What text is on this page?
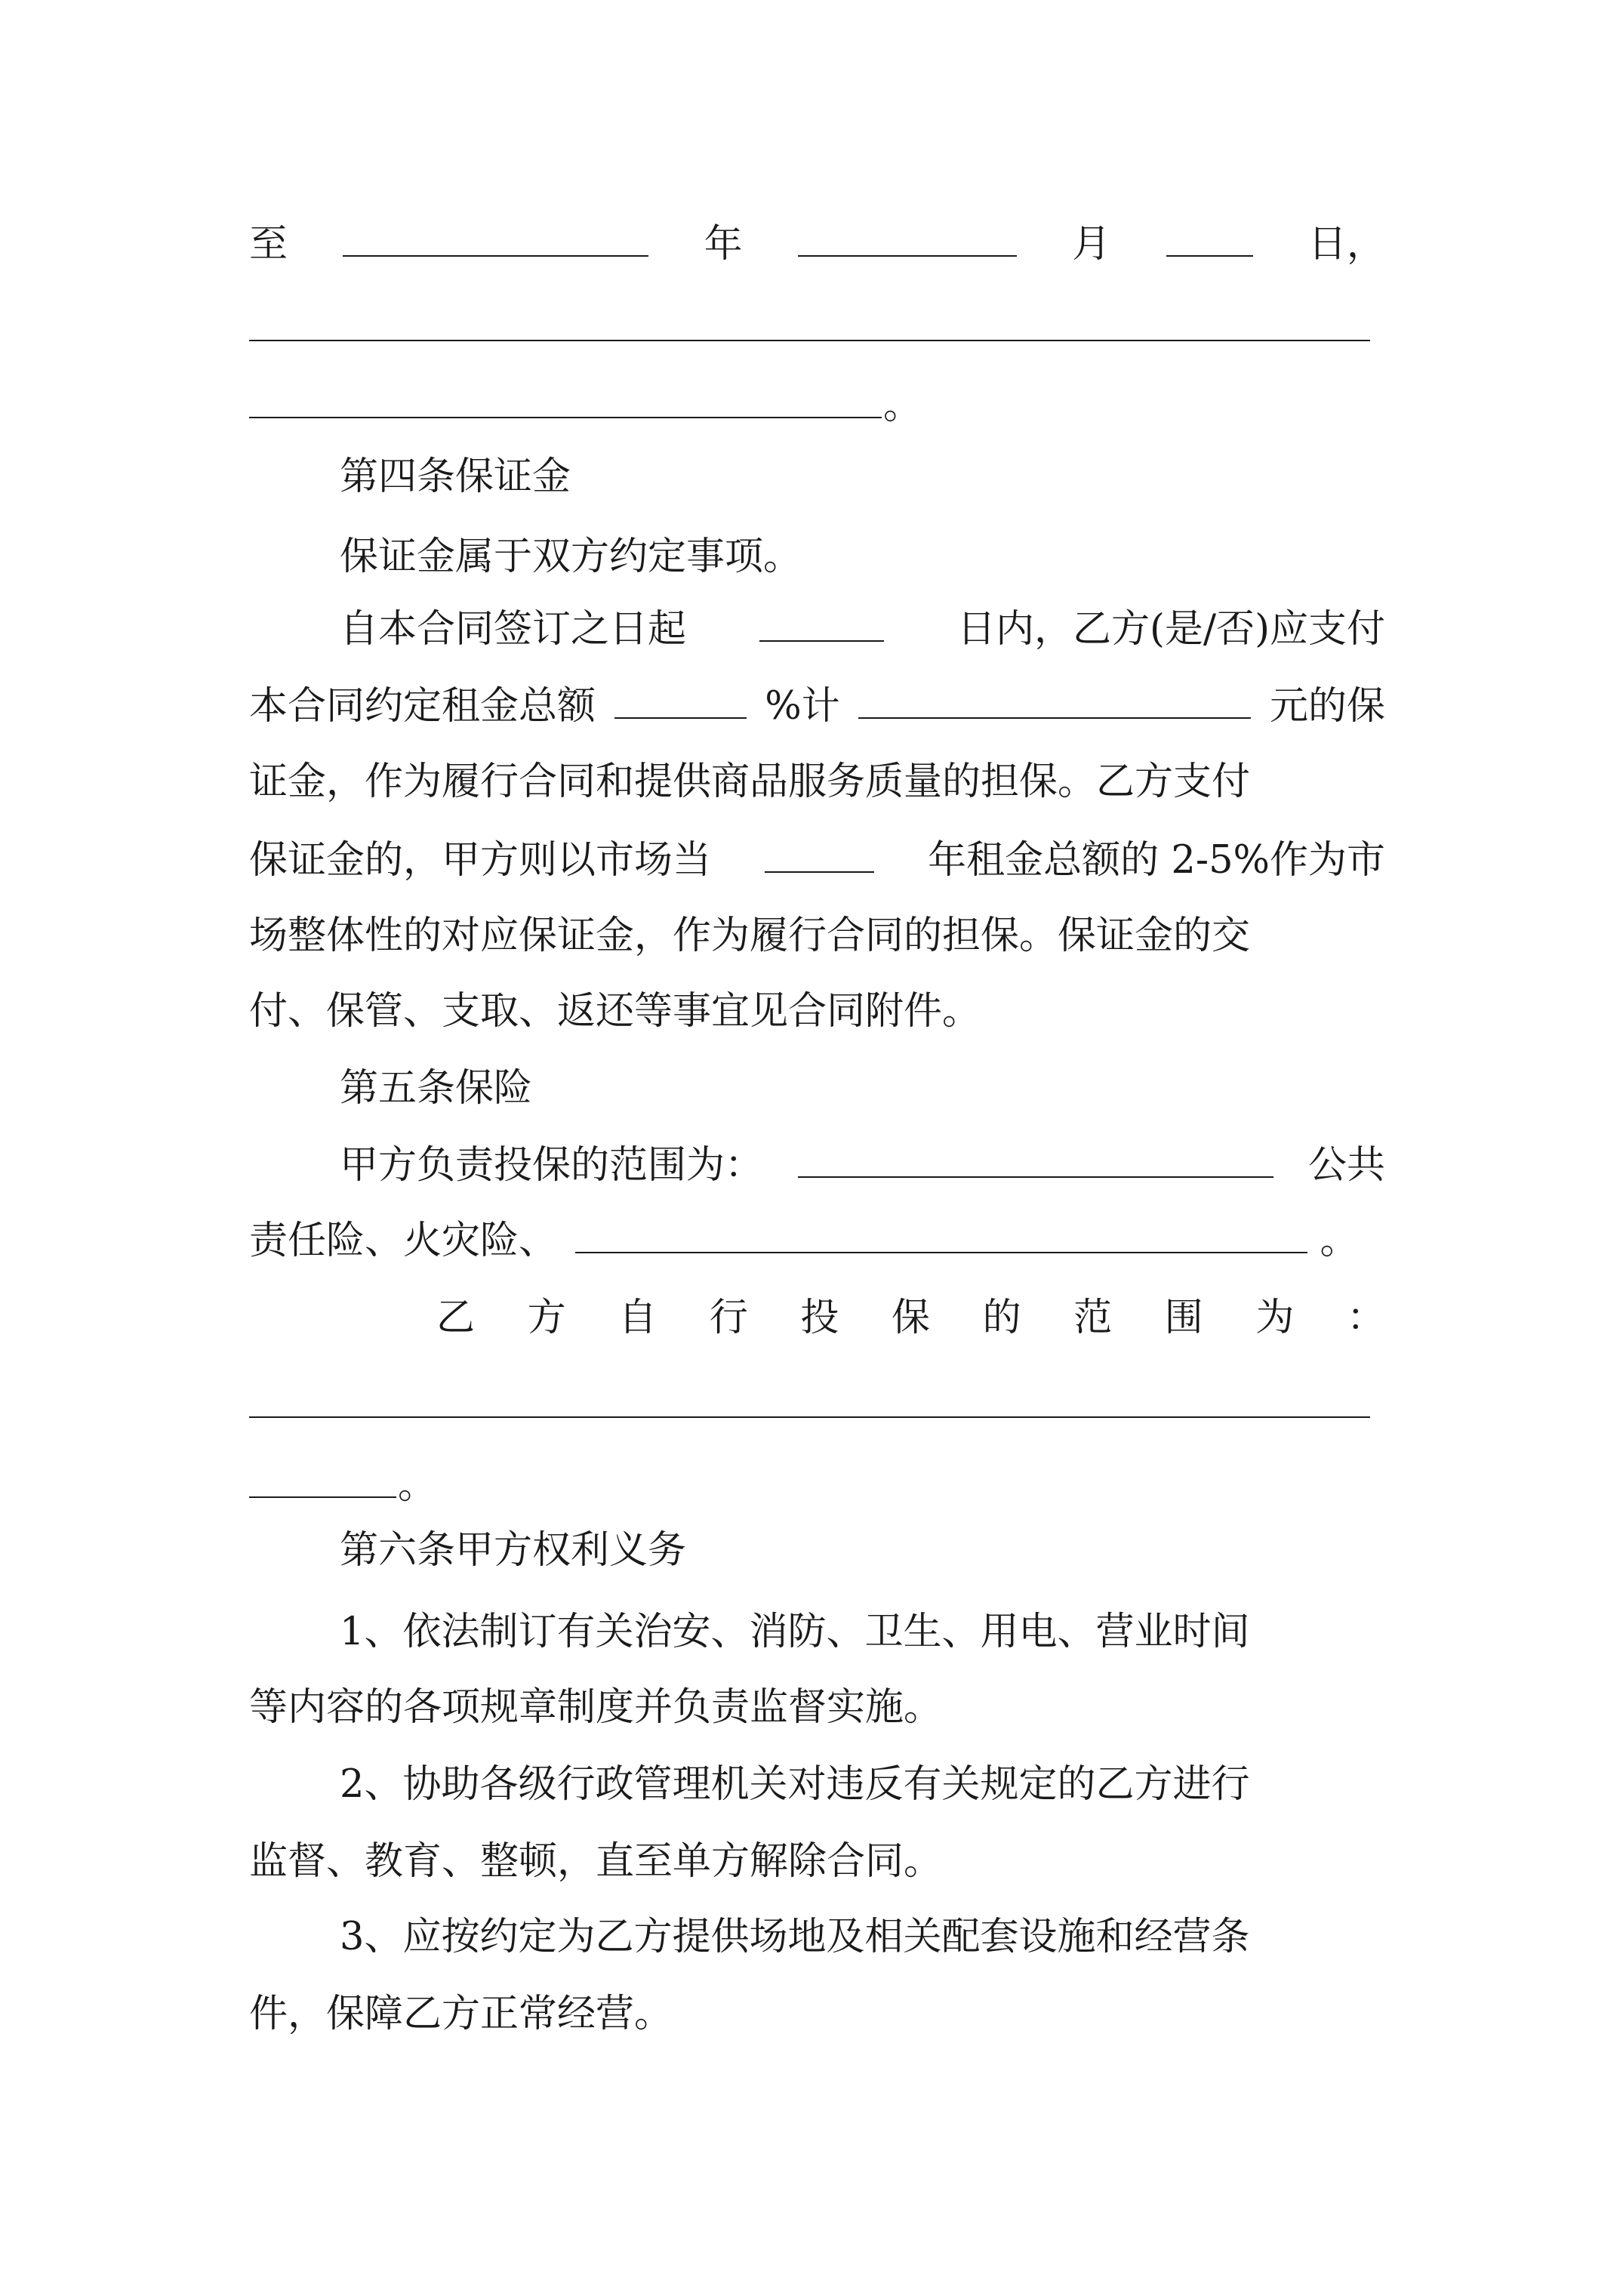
至	年	月	日，
。
第四条保证金
保证金属于双方约定事项。
自本合同签订之日起	日内，乙方(是/否)应支付
本合同约定租金总额	%计	元的保
证金，作为履行合同和提供商品服务质量的担保。乙方支付
保证金的，甲方则以市场当	年租金总额的 2-5%作为市
场整体性的对应保证金，作为履行合同的担保。保证金的交
付、保管、支取、返还等事宜见合同附件。
第五条保险
甲方负责投保的范围为：	公共
责任险、火灾险、	。
乙 方 自 行 投 保 的 范 围 为 ：
。
第六条甲方权利义务
1、依法制订有关治安、消防、卫生、用电、营业时间
等内容的各项规章制度并负责监督实施。
2、协助各级行政管理机关对违反有关规定的乙方进行
监督、教育、整顿，直至单方解除合同。
3、应按约定为乙方提供场地及相关配套设施和经营条
件，保障乙方正常经营。
